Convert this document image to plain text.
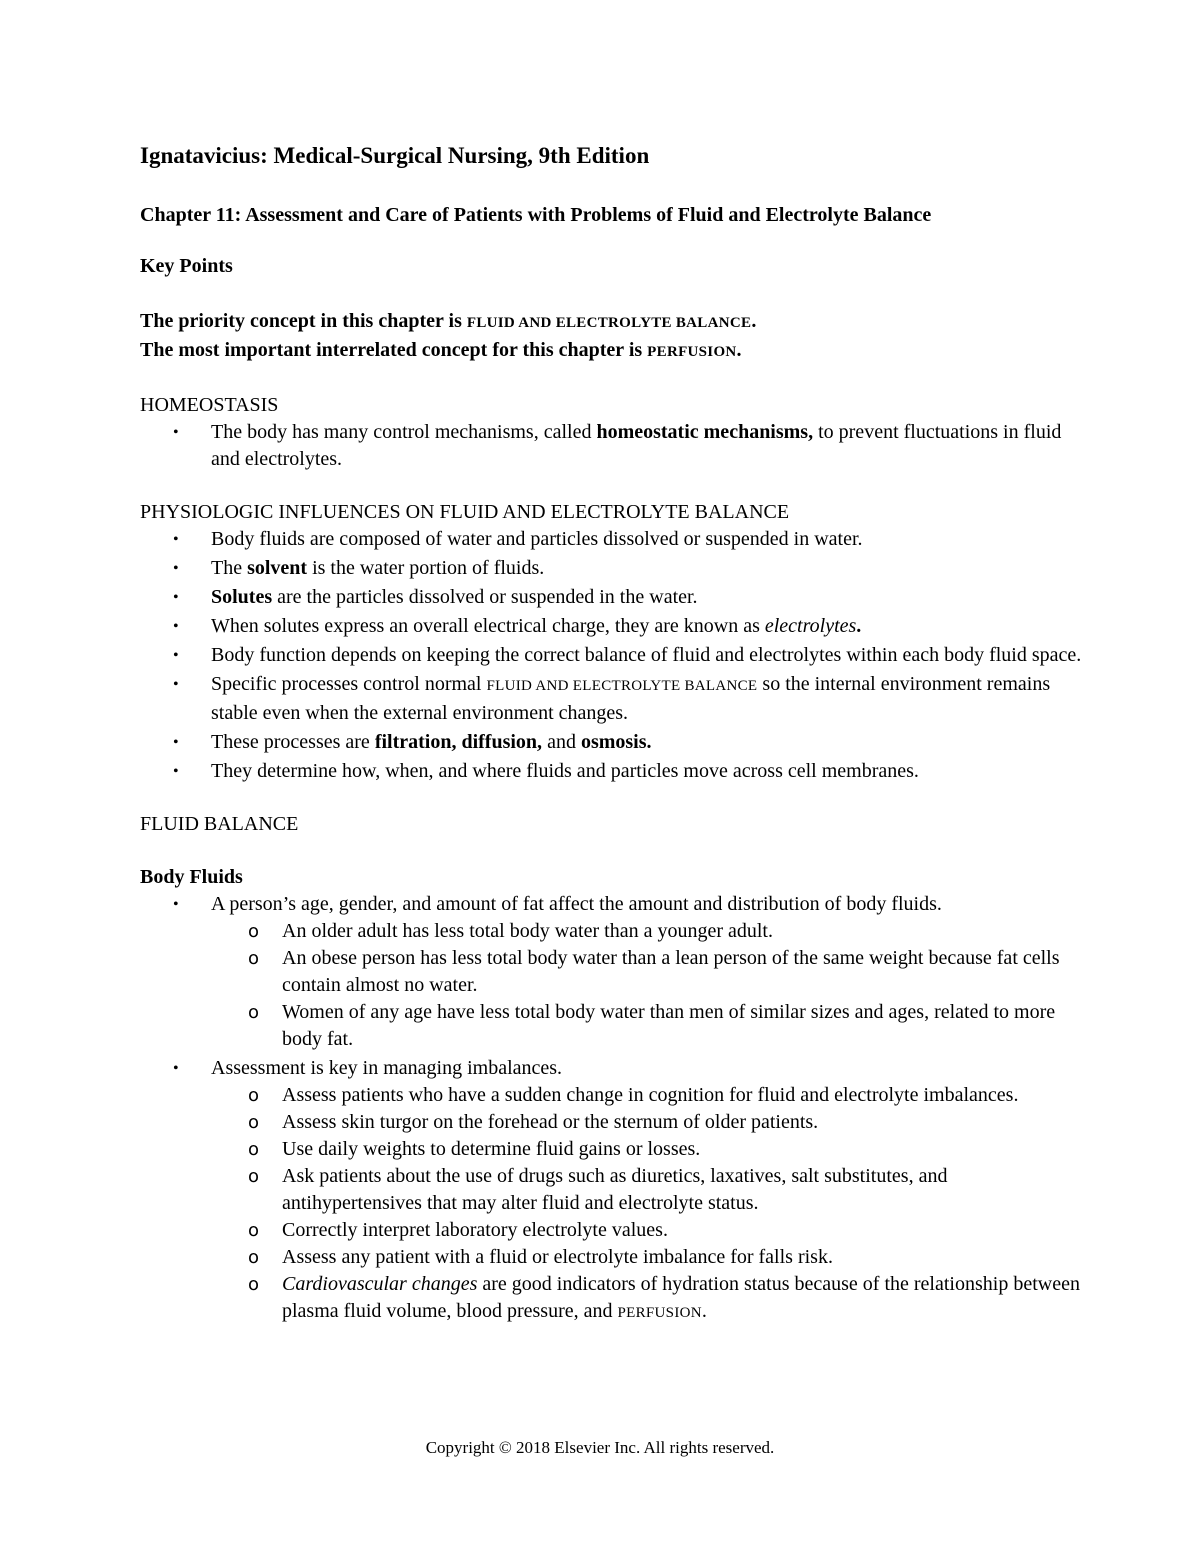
Ignatavicius: Medical-Surgical Nursing, 9th Edition
Chapter 11: Assessment and Care of Patients with Problems of Fluid and Electrolyte Balance
Key Points

The priority concept in this chapter is FLUID AND ELECTROLYTE BALANCE.

The most important interrelated concept for this chapter is PERFUSION.

HOMEOSTASIS

• The body has many control mechanisms, called homeostatic mechanisms, to prevent fluctuations in fluid and electrolytes.

PHYSIOLOGIC INFLUENCES ON FLUID AND ELECTROLYTE BALANCE

• Body fluids are composed of water and particles dissolved or suspended in water.
• The solvent is the water portion of fluids.
• Solutes are the particles dissolved or suspended in the water.
• When solutes express an overall electrical charge, they are known as electrolytes.
• Body function depends on keeping the correct balance of fluid and electrolytes within each body fluid space.
• Specific processes control normal FLUID AND ELECTROLYTE BALANCE so the internal environment remains stable even when the external environment changes.
• These processes are filtration, diffusion, and osmosis.
• They determine how, when, and where fluids and particles move across cell membranes.

FLUID BALANCE

Body Fluids

• A person’s age, gender, and amount of fat affect the amount and distribution of body fluids.
o An older adult has less total body water than a younger adult.
o An obese person has less total body water than a lean person of the same weight because fat cells contain almost no water.
o Women of any age have less total body water than men of similar sizes and ages, related to more body fat.
• Assessment is key in managing imbalances.
o Assess patients who have a sudden change in cognition for fluid and electrolyte imbalances.
o Assess skin turgor on the forehead or the sternum of older patients.
o Use daily weights to determine fluid gains or losses.
o Ask patients about the use of drugs such as diuretics, laxatives, salt substitutes, and antihypertensives that may alter fluid and electrolyte status.
o Correctly interpret laboratory electrolyte values.
o Assess any patient with a fluid or electrolyte imbalance for falls risk.
o Cardiovascular changes are good indicators of hydration status because of the relationship between plasma fluid volume, blood pressure, and PERFUSION.
Copyright © 2018 Elsevier Inc. All rights reserved.
